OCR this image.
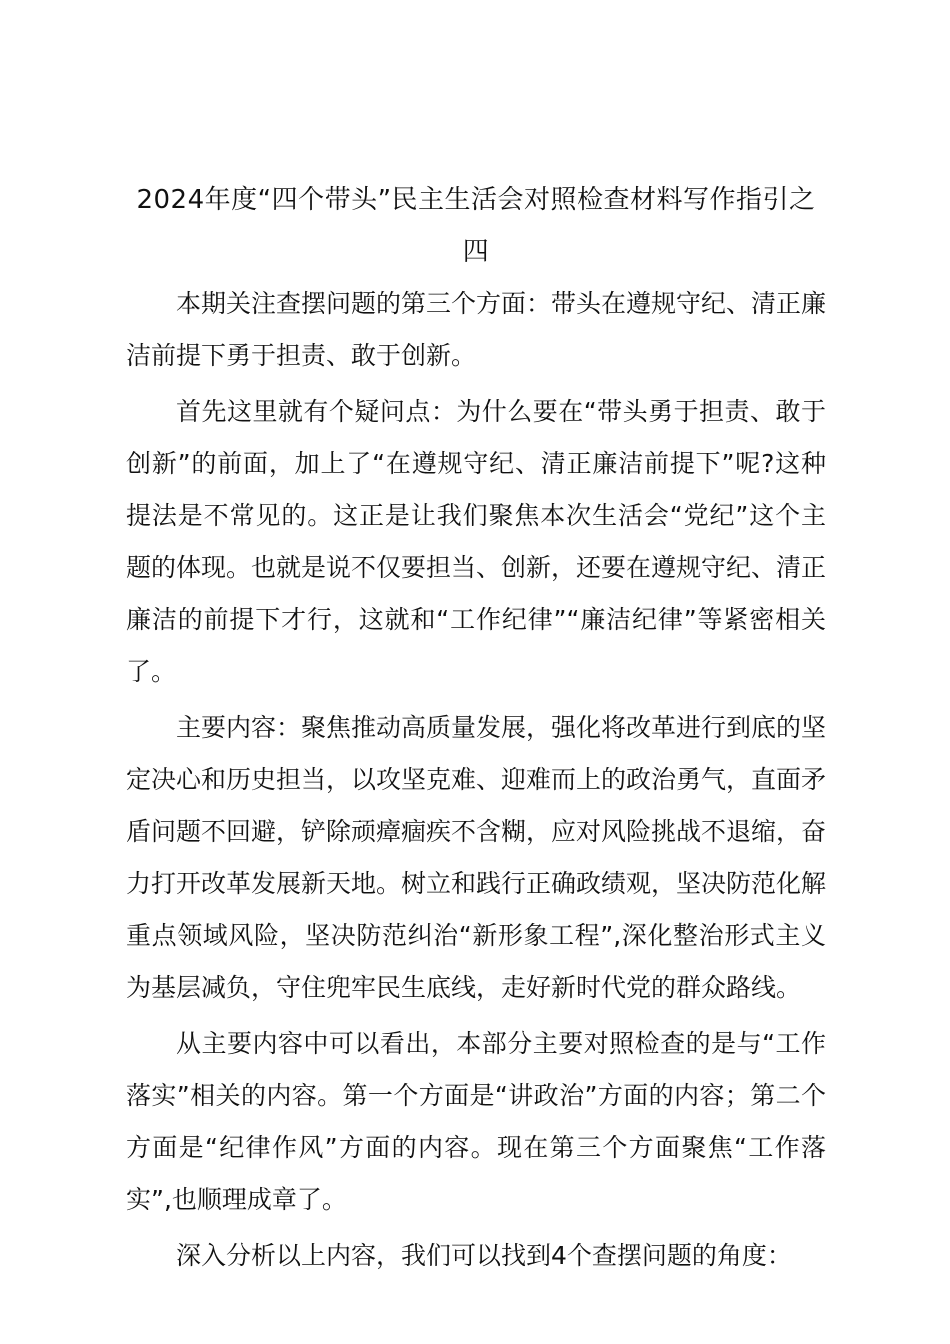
2024年度“四个带头”民主生活会对照检查材料写作指引之四

本期关注查摆问题的第三个方面：带头在遵规守纪、清正廉洁前提下勇于担责、敢于创新。

首先这里就有个疑问点：为什么要在“带头勇于担责、敢于创新”的前面，加上了“在遵规守纪、清正廉洁前提下”呢?这种提法是不常见的。这正是让我们聚焦本次生活会“党纪”这个主题的体现。也就是说不仅要担当、创新，还要在遵规守纪、清正廉洁的前提下才行，这就和“工作纪律”“廉洁纪律”等紧密相关了。

主要内容：聚焦推动高质量发展，强化将改革进行到底的坚定决心和历史担当，以攻坚克难、迎难而上的政治勇气，直面矛盾问题不回避，铲除顽瘴痼疾不含糊，应对风险挑战不退缩，奋力打开改革发展新天地。树立和践行正确政绩观，坚决防范化解重点领域风险，坚决防范纠治“新形象工程”,深化整治形式主义为基层减负，守住兜牢民生底线，走好新时代党的群众路线。

从主要内容中可以看出，本部分主要对照检查的是与“工作落实”相关的内容。第一个方面是“讲政治”方面的内容；第二个方面是“纪律作风”方面的内容。现在第三个方面聚焦“工作落实”,也顺理成章了。

深入分析以上内容，我们可以找到4个查摆问题的角度：
